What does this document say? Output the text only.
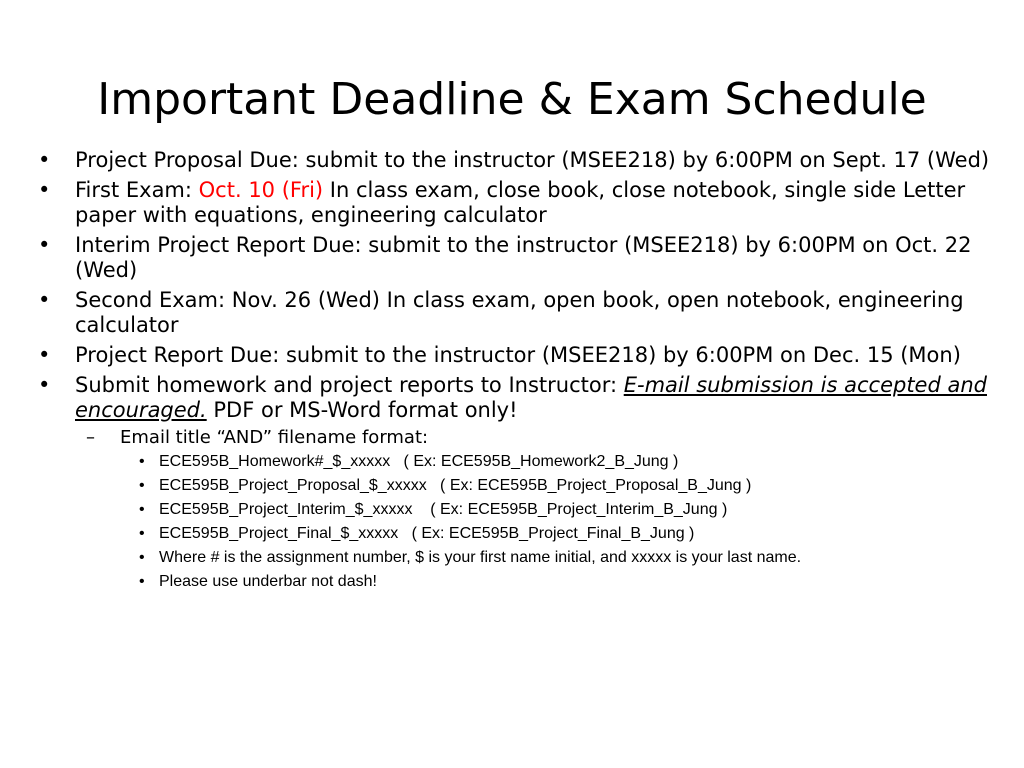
Important Deadline & Exam Schedule
• Project Proposal Due: submit to the instructor (MSEE218) by 6:00PM on Sept. 17 (Wed)
• First Exam: Oct. 10 (Fri) In class exam, close book, close notebook, single side Letter paper with equations, engineering calculator
• Interim Project Report Due: submit to the instructor (MSEE218) by 6:00PM on Oct. 22 (Wed)
• Second Exam: Nov. 26 (Wed) In class exam, open book, open notebook, engineering calculator
• Project Report Due: submit to the instructor (MSEE218) by 6:00PM on Dec. 15 (Mon)
• Submit homework and project reports to Instructor: E-mail submission is accepted and encouraged. PDF or MS-Word format only!
– Email title “AND” filename format:
• ECE595B_Homework#_$_xxxxx   ( Ex: ECE595B_Homework2_B_Jung )
• ECE595B_Project_Proposal_$_xxxxx   ( Ex: ECE595B_Project_Proposal_B_Jung )
• ECE595B_Project_Interim_$_xxxxx    ( Ex: ECE595B_Project_Interim_B_Jung )
• ECE595B_Project_Final_$_xxxxx   ( Ex: ECE595B_Project_Final_B_Jung )
• Where # is the assignment number, $ is your first name initial, and xxxxx is your last name.
• Please use underbar not dash!
